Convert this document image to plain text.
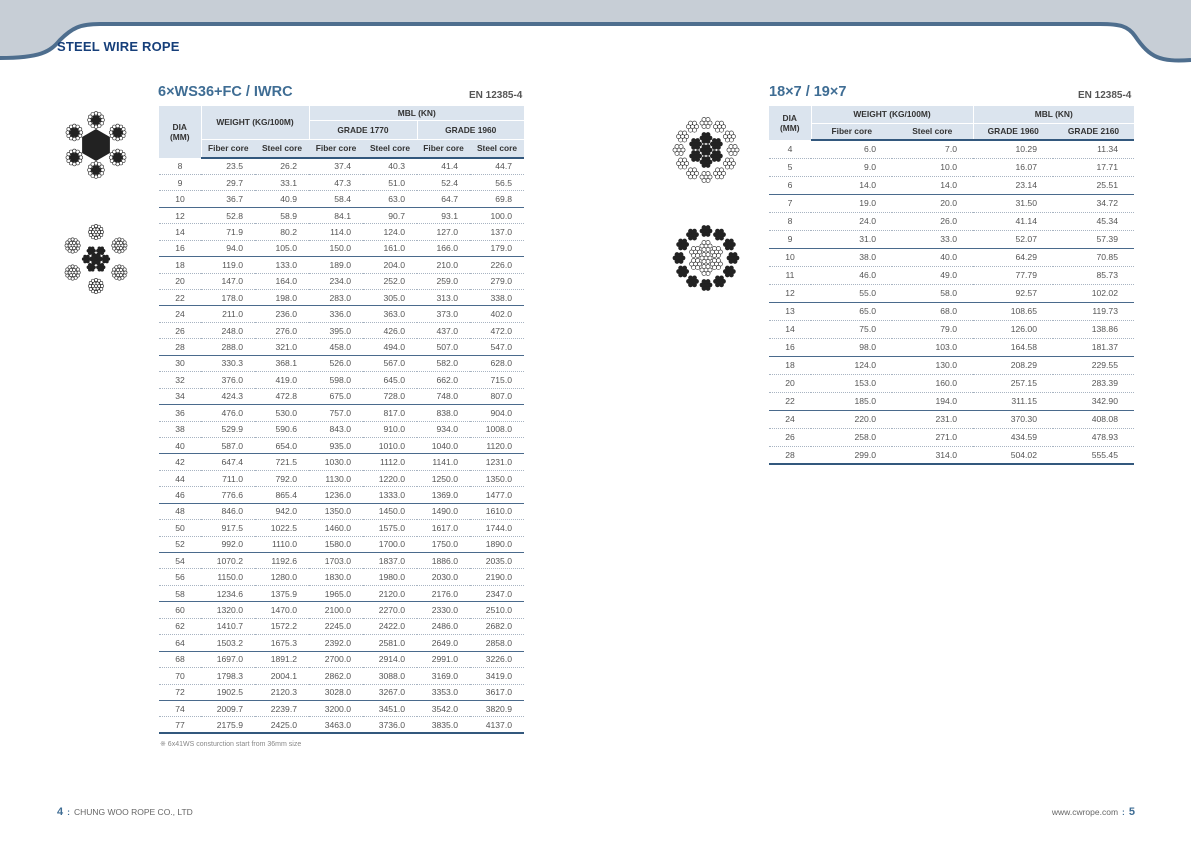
STEEL WIRE ROPE
6×WS36+FC / IWRC	EN 12385-4
DIA
(MM)	WEIGHT (KG/100M)		MBL (KN)			
			GRADE 1770		GRADE 1960	
	Fiber core	Steel core	Fiber core	Steel core	Fiber core	Steel core
8	23.5	26.2	37.4	40.3	41.4	44.7
9	29.7	33.1	47.3	51.0	52.4	56.5
10	36.7	40.9	58.4	63.0	64.7	69.8
12	52.8	58.9	84.1	90.7	93.1	100.0
14	71.9	80.2	114.0	124.0	127.0	137.0
16	94.0	105.0	150.0	161.0	166.0	179.0
18	119.0	133.0	189.0	204.0	210.0	226.0
20	147.0	164.0	234.0	252.0	259.0	279.0
22	178.0	198.0	283.0	305.0	313.0	338.0
24	211.0	236.0	336.0	363.0	373.0	402.0
26	248.0	276.0	395.0	426.0	437.0	472.0
28	288.0	321.0	458.0	494.0	507.0	547.0
30	330.3	368.1	526.0	567.0	582.0	628.0
32	376.0	419.0	598.0	645.0	662.0	715.0
34	424.3	472.8	675.0	728.0	748.0	807.0
36	476.0	530.0	757.0	817.0	838.0	904.0
38	529.9	590.6	843.0	910.0	934.0	1008.0
40	587.0	654.0	935.0	1010.0	1040.0	1120.0
42	647.4	721.5	1030.0	1112.0	1141.0	1231.0
44	711.0	792.0	1130.0	1220.0	1250.0	1350.0
46	776.6	865.4	1236.0	1333.0	1369.0	1477.0
48	846.0	942.0	1350.0	1450.0	1490.0	1610.0
50	917.5	1022.5	1460.0	1575.0	1617.0	1744.0
52	992.0	1110.0	1580.0	1700.0	1750.0	1890.0
54	1070.2	1192.6	1703.0	1837.0	1886.0	2035.0
56	1150.0	1280.0	1830.0	1980.0	2030.0	2190.0
58	1234.6	1375.9	1965.0	2120.0	2176.0	2347.0
60	1320.0	1470.0	2100.0	2270.0	2330.0	2510.0
62	1410.7	1572.2	2245.0	2422.0	2486.0	2682.0
64	1503.2	1675.3	2392.0	2581.0	2649.0	2858.0
68	1697.0	1891.2	2700.0	2914.0	2991.0	3226.0
70	1798.3	2004.1	2862.0	3088.0	3169.0	3419.0
72	1902.5	2120.3	3028.0	3267.0	3353.0	3617.0
74	2009.7	2239.7	3200.0	3451.0	3542.0	3820.9
77	2175.9	2425.0	3463.0	3736.0	3835.0	4137.0
※ 6x41WS consturction start from 36mm size
18×7 / 19×7	EN 12385-4
DIA
(MM)	WEIGHT (KG/100M)		MBL (KN)	
	Fiber core	Steel core	GRADE 1960	GRADE 2160
4	6.0	7.0	10.29	11.34
5	9.0	10.0	16.07	17.71
6	14.0	14.0	23.14	25.51
7	19.0	20.0	31.50	34.72
8	24.0	26.0	41.14	45.34
9	31.0	33.0	52.07	57.39
10	38.0	40.0	64.29	70.85
11	46.0	49.0	77.79	85.73
12	55.0	58.0	92.57	102.02
13	65.0	68.0	108.65	119.73
14	75.0	79.0	126.00	138.86
16	98.0	103.0	164.58	181.37
18	124.0	130.0	208.29	229.55
20	153.0	160.0	257.15	283.39
22	185.0	194.0	311.15	342.90
24	220.0	231.0	370.30	408.08
26	258.0	271.0	434.59	478.93
28	299.0	314.0	504.02	555.45
4 : CHUNG WOO ROPE CO., LTD	www.cwrope.com : 5
